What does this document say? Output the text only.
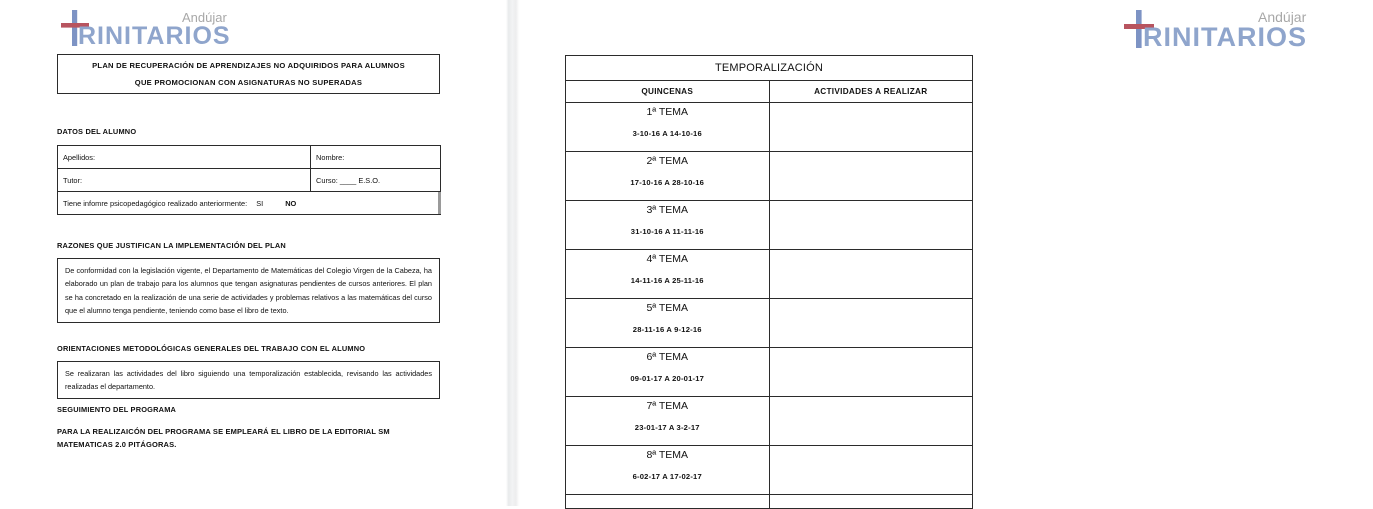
RINITARIOS
Andújar
PLAN DE RECUPERACIÓN DE APRENDIZAJES NO ADQUIRIDOS PARA ALUMNOS
QUE PROMOCIONAN CON ASIGNATURAS NO SUPERADAS
DATOS DEL ALUMNO
Apellidos:	Nombre:
Tutor:	Curso: ____ E.S.O.
Tiene infomre psicopedagógico realizado anteriormente: SI NO	
RAZONES QUE JUSTIFICAN LA IMPLEMENTACIÓN DEL PLAN
De conformidad con la legislación vigente, el Departamento de Matemáticas del Colegio Virgen de la Cabeza, ha elaborado un plan de trabajo para los alumnos que tengan asignaturas pendientes de cursos anteriores. El plan se ha concretado en la realización de una serie de actividades y problemas relativos a las matemáticas del curso que el alumno tenga pendiente, teniendo como base el libro de texto.
ORIENTACIONES METODOLÓGICAS GENERALES DEL TRABAJO CON EL ALUMNO
Se realizaran las actividades del libro siguiendo una temporalización establecida, revisando las actividades realizadas el departamento.
SEGUIMIENTO DEL PROGRAMA
PARA LA REALIZAICÓN DEL PROGRAMA SE EMPLEARÁ EL LIBRO DE LA EDITORIAL SM MATEMATICAS 2.0 PITÁGORAS.
RINITARIOS
Andújar
TEMPORALIZACIÓN	
QUINCENAS	ACTIVIDADES A REALIZAR

1ª TEMA
3-10-16 A 14-10-16	

2ª TEMA
17-10-16 A 28-10-16	

3ª TEMA
31-10-16 A 11-11-16	

4ª TEMA
14-11-16 A 25-11-16	

5ª TEMA
28-11-16 A 9-12-16	

6ª TEMA
09-01-17 A 20-01-17	

7ª TEMA
23-01-17 A 3-2-17	

8ª TEMA
6-02-17 A 17-02-17	
